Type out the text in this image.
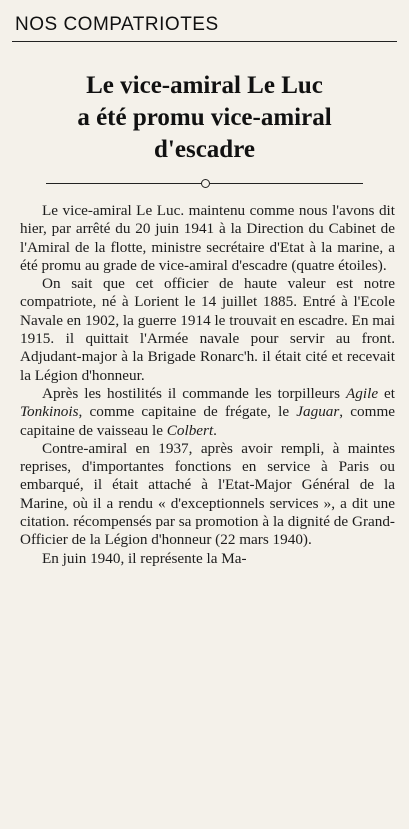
NOS COMPATRIOTES
Le vice-amiral Le Luc
a été promu vice-amiral
d'escadre

Le vice-amiral Le Luc. maintenu comme nous l'avons dit hier, par arrêté du 20 juin 1941 à la Direction du Cabinet de l'Amiral de la flotte, ministre secrétaire d'Etat à la marine, a été promu au grade de vice-amiral d'escadre (quatre étoiles).

On sait que cet officier de haute valeur est notre compatriote, né à Lorient le 14 juillet 1885. Entré à l'Ecole Navale en 1902, la guerre 1914 le trouvait en escadre. En mai 1915. il quittait l'Armée navale pour servir au front. Adjudant-major à la Brigade Ronarc'h. il était cité et recevait la Légion d'honneur.

Après les hostilités il commande les torpilleurs Agile et Tonkinois, comme capitaine de frégate, le Jaguar, comme capitaine de vaisseau le Colbert.

Contre-amiral en 1937, après avoir rempli, à maintes reprises, d'importantes fonctions en service à Paris ou embarqué, il était attaché à l'Etat-Major Général de la Marine, où il a rendu « d'exceptionnels services », a dit une citation. récompensés par sa promotion à la dignité de Grand-Officier de la Légion d'honneur (22 mars 1940).

En juin 1940, il représente la Ma-
